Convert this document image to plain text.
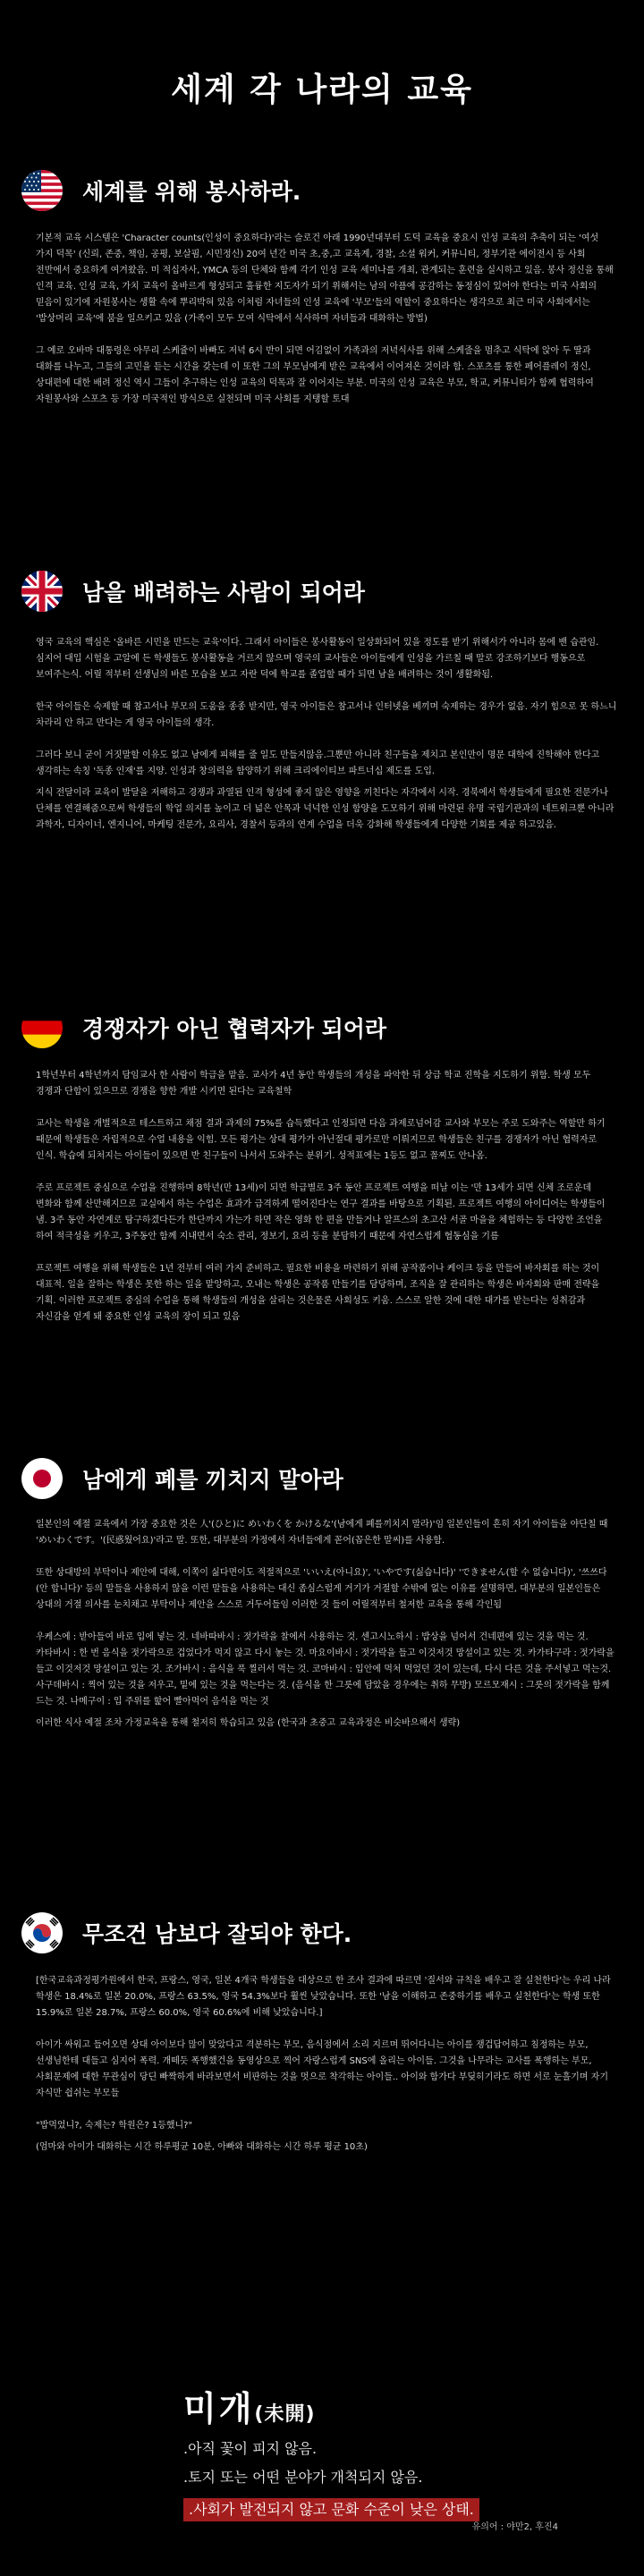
세계 각 나라의 교육
세계를 위해 봉사하라.

기본적 교육 시스템은 'Character counts(인성이 중요하다)'라는 슬로건 아래 1990년대부터 도덕 교육을 중요시 인성 교육의 추축이 되는 '여섯 가지 덕목' (신뢰, 존중, 책임, 공평, 보살핌, 시민정신) 20여 년간 미국 초,중,고 교육계, 경찰, 소셜 워커, 커뮤니티, 정부기관 에이전시 등 사회 전반에서 중요하게 여겨왔음. 미 적십자사, YMCA 등의 단체와 함께 각기 인성 교육 세미나를 개최, 관계되는 훈련을 실시하고 있음. 봉사 정신을 통해 인격 교육. 인성 교육, 가치 교육이 올바르게 형성되고 훌륭한 지도자가 되기 위해서는 남의 아픔에 공감하는 동정심이 있어야 한다는 미국 사회의 믿음이 있기에 자원봉사는 생활 속에 뿌리박혀 있음 이처럼 자녀들의 인성 교육에 '부모'들의 역할이 중요하다는 생각으로 최근 미국 사회에서는 '밥상머리 교육'에 붐을 일으키고 있음 (가족이 모두 모여 식탁에서 식사하며 자녀들과 대화하는 방법)

그 예로 오바마 대통령은 아무리 스케쥴이 바빠도 저녁 6시 반이 되면 어김없이 가족과의 저녁식사를 위해 스케줄을 멈추고 식탁에 앉아 두 딸과 대화를 나누고, 그들의 고민을 듣는 시간을 갖는데 이 또한 그의 부모님에게 받은 교육에서 이어져온 것이라 함. 스포츠를 통한 페어플레이 정신,상대편에 대한 배려 정신 역시 그들이 추구하는 인성 교육의 덕목과 잘 이어지는 부분. 미국의 인성 교육은 부모, 학교, 커뮤니티가 함께 협력하여 자원봉사와 스포츠 등 가장 미국적인 방식으로 실천되며 미국 사회를 지탱할 토대

남을 배려하는 사람이 되어라

영국 교육의 핵심은 '올바른 시민을 만드는 교육'이다. 그래서 아이들은 봉사활동이 일상화되어 있을 정도를 받기 위해서가 아니라 몸에 밴 습관임. 심지어 대입 시험을 고알에 든 학생들도 봉사활동을 거르지 않으며 영국의 교사들은 아이들에게 인성을 가르칠 때 말로 강조하기보다 행동으로 보여주는식. 어릴 적부터 선생님의 바른 모습을 보고 자란 덕에 학교를 졸업할 때가 되면 남을 배려하는 것이 생활화됨.

한국 아이들은 숙제할 때 참고서나 부모의 도움을 종종 받지만, 영국 아이들은 참고서나 인터넷을 베끼며 숙제하는 경우가 없음. 자기 힘으로 못 하느니 차라리 안 하고 만다는 게 영국 아이들의 생각.

그러다 보니 굳이 거짓말할 이유도 없고 남에게 피해를 줄 일도 만들지않음.그뿐만 아니라 친구들을 제치고 본인만이 명문 대학에 진학해야 한다고 생각하는 속칭 '독종 인재'를 지양. 인성과 창의력을 함양하기 위해 크리에이티브 파트너십 제도를 도입.

지식 전달이라 교육이 발달을 저해하고 경쟁과 과열된 인격 형성에 좋지 않은 영향을 끼친다는 자각에서 시작. 경북에서 학생들에게 필요한 전문가나 단체를 연결해줌으로써 학생들의 학업 의지를 높이고 더 넓은 안목과 넉넉한 인성 함양을 도모하기 위해 마련된 유명 국립기관과의 네트워크뿐 아니라 과학자, 디자이너, 엔지니어, 마케팅 전문가, 요리사, 경찰서 등과의 연계 수업을 더욱 강화해 학생들에게 다양한 기회를 제공 하고있음.

경쟁자가 아닌 협력자가 되어라

1학년부터 4학년까지 담임교사 한 사람이 학급을 맡음. 교사가 4년 동안 학생들의 개성을 파악한 뒤 상급 학교 진학을 지도하기 위함. 학생 모두 경쟁과 단합이 있으므로 경쟁을 향한 개발 시키면 된다는 교육철학

교사는 학생을 개별적으로 테스트하고 채점 결과 과제의 75%를 습득했다고 인정되면 다음 과제로넘어감 교사와 부모는 주로 도와주는 역할만 하기 때문에 학생들은 자립적으로 수업 내용을 익힘. 모든 평가는 상대 평가가 아닌절대 평가로만 이뤄지므로 학생들은 친구를 경쟁자가 아닌 협력자로 인식. 학습에 되처지는 아이들이 있으면 반 친구들이 나서서 도와주는 분위기. 성적표에는 1등도 없고 꼴찌도 안나옴.

주로 프로젝트 중심으로 수업을 진행하며 8학년(만 13세)이 되면 학급별로 3주 동안 프로젝트 여행을 떠날 이는 '만 13세가 되면 신체 조로운데 변화와 함께 산만해지므로 교실에서 하는 수업은 효과가 급격하게 떨어진다'는 연구 결과를 바탕으로 기획된. 프로젝트 여행의 아이디어는 학생들이 냄. 3주 동안 자연계로 탐구하겠다든가 한단까지 가는가 하면 작은 영화 한 편을 만들거나 알프스의 초고산 서골 마을을 체험하는 등 다양한 조언을 하여 적극성을 키우고, 3주동안 함께 지내면서 숙소 관리, 정보기, 요리 등을 분담하기 때문에 자연스럽게 협동심을 기름

프로젝트 여행을 위해 학생들은 1년 전부터 여러 가지 준비하고. 필요한 비용을 마련하기 위해 공작품이나 케이크 등을 만들어 바자회를 하는 것이 대표적. 일을 잘하는 학생은 못한 하는 일을 맡앙하고, 오내는 학생은 공작품 만들기를 담당하며, 조직을 잘 관리하는 학생은 바자회와 판매 전략을 기획. 이러한 프로젝트 중심의 수업을 통해 학생들의 개성을 살리는 것은물론 사회성도 키움. 스스로 알한 것에 대한 대가를 받는다는 성취감과 자신감을 얻게 돼 중요한 인성 교육의 장이 되고 있음

남에게 폐를 끼치지 말아라

일본인의 예절 교육에서 가장 중요한 것은 人'(ひと)に めいわくを かけるな'(남에게 폐를끼치지 말라)'임 일본인들이 흔히 자기 아이들을 야단칠 때 'めいわくです。'(民惑웠어요)'라고 말. 또한, 대부분의 가정에서 자녀들에게 꼳어(꼽은한 말씨)를 사용함.

또한 상대방의 부탁이나 제안에 대해, 이쪽이 싫다면이도 적절적으로 'いいえ(아니요)', 'いやです(싫습니다)' 'できません(할 수 없습니다)', '쓰쓰다(안 합니다)' 등의 말들을 사용하지 않을 이런 말들을 사용하는 대신 좀심스럽게 거기가 거절할 수밖에 없는 이유를 설명하면, 대부분의 일본인들은 상대의 거절 의사를 눈치채고 부탁이나 제안을 스스로 거두어들임 이러한 것 들이 어릴적부터 철저한 교육을 통해 각인됨

우케스에 : 받아들여 바로 입에 넣는 것. 네바따바시 : 젓가락을 찰에서 사용하는 것. 센고시노하시 : 밥상을 넘어서 건네편에 있는 것을 먹는 것. 카타바시 : 한 번 음식을 젓가락으로 겁었다가 먹지 않고 다시 놓는 것. 마요이바시 : 젓가락을 들고 이것저것 망설이고 있는 것. 카가타구라 : 젓가락을 들고 이것저것 망설이고 있는 것. 조가바시 : 음식을 푹 찔러서 먹는 것. 코마바시 : 입안에 먹처 먹었던 것이 있는데, 다시 다른 것을 주서넣고 먹는것. 사구데바시 : 찍어 있는 것을 저우고, 밑에 있는 것을 먹는다는 것. (음식을 한 그릇에 담았을 경우에는 취하 무방) 모르모재시 : 그릇의 젓가락을 함께 드는 것. 나메구이 : 입 주위를 핥어 빨아먹어 음식을 먹는 것

이러한 식사 예절 조차 가정교육을 통해 철저히 학습되고 있음 (한국과 초중고 교육과정은 비슷바으해서 생략)

무조건 남보다 잘되야 한다.

[한국교육과정평가원에서 한국, 프랑스, 영국, 일본 4개국 학생들을 대상으로 한 조사 결과에 따르면 '질서와 규칙을 배우고 잘 실천한다'는 우리 나라 학생은 18.4%로 일본 20.0%, 프랑스 63.5%, 영국 54.3%보다 훨씬 낮았습니다. 또한 '남을 이해하고 존중하기를 배우고 실천한다'는 학생 또한 15.9%로 일본 28.7%, 프랑스 60.0%, 영국 60.6%에 비해 낮았습니다.]

아이가 싸워고 들어오면 상대 아이보다 많이 맞았다고 격분하는 부모, 음식점에서 소리 지르며 뛰어다니는 아이를 쟁겁답어하고 침정하는 부모, 선생님한테 대들고 심지어 폭력. 개떼듯 폭행했건을 동영상으로 찍어 자랑스럽게 SNS에 올리는 아이들. 그것을 나무라는 교사를 폭행하는 부모, 사회문제에 대한 무관심이 당딘 빠짝하게 바라보면서 비판하는 것을 멋으로 착각하는 아이들.. 아이와 함가다 부딪히기라도 하면 서로 눈흘기며 자기 자식만 쉽쉬는 부모들

"밥먹었니?, 숙제는? 학원은? 1등했니?"

(엄마와 아이가 대화하는 시간 하루평균 10분, 아빠와 대화하는 시간 하루 평균 10초)

미개(未開)
.아직 꽃이 피지 않음.
.토지 또는 어떤 분야가 개척되지 않음.
.사회가 발전되지 않고 문화 수준이 낮은 상태.
유의어 : 야만2, 후진4
